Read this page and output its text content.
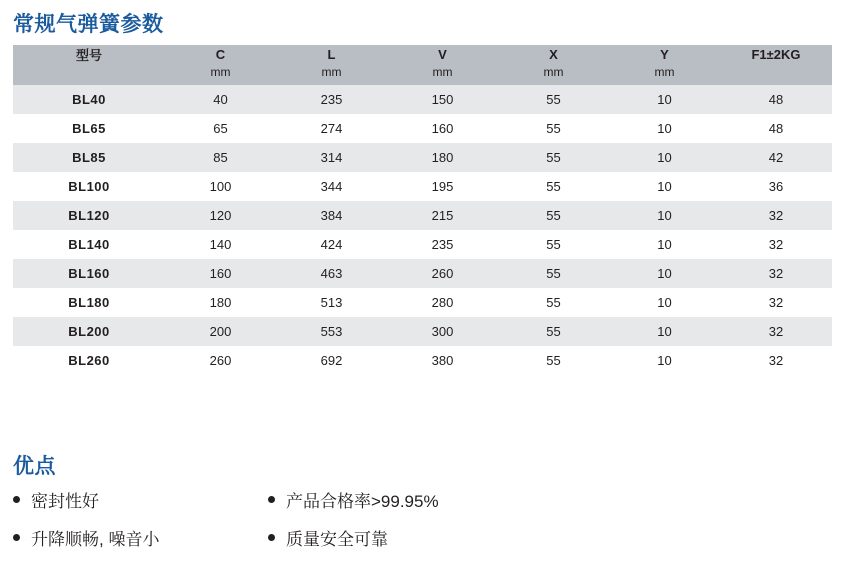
常规气弹簧参数
型号	C	L	V	X	Y	F1±2KG
	mm	mm	mm	mm	mm	
BL40	40	235	150	55	10	48
BL65	65	274	160	55	10	48
BL85	85	314	180	55	10	42
BL100	100	344	195	55	10	36
BL120	120	384	215	55	10	32
BL140	140	424	235	55	10	32
BL160	160	463	260	55	10	32
BL180	180	513	280	55	10	32
BL200	200	553	300	55	10	32
BL260	260	692	380	55	10	32
优点
密封性好	产品合格率>99.95%
升降顺畅, 噪音小	质量安全可靠
